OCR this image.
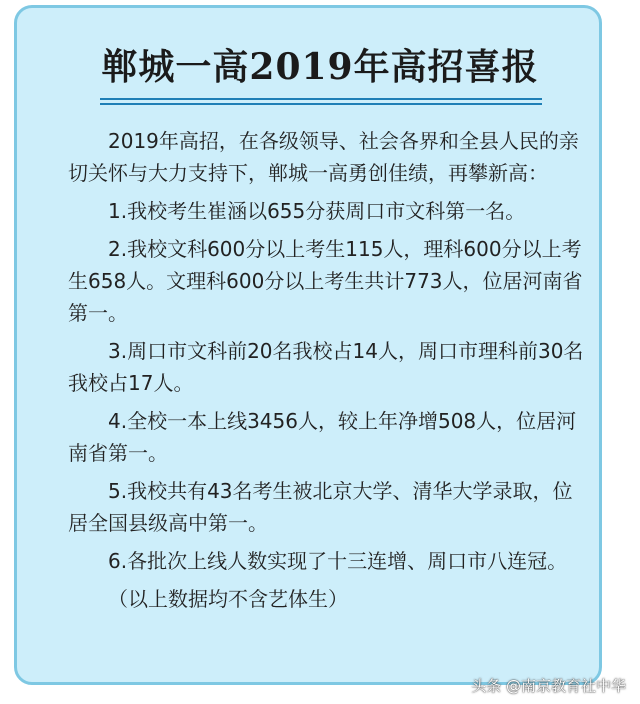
郸城一高2019年高招喜报

2019年高招，在各级领导、社会各界和全县人民的亲切关怀与大力支持下，郸城一高勇创佳绩，再攀新高：

1.我校考生崔涵以655分获周口市文科第一名。

2.我校文科600分以上考生115人，理科600分以上考生658人。文理科600分以上考生共计773人，位居河南省第一。

3.周口市文科前20名我校占14人，周口市理科前30名我校占17人。

4.全校一本上线3456人，较上年净增508人，位居河南省第一。

5.我校共有43名考生被北京大学、清华大学录取，位居全国县级高中第一。

6.各批次上线人数实现了十三连增、周口市八连冠。

（以上数据均不含艺体生）

头条 @南京教育社中华
